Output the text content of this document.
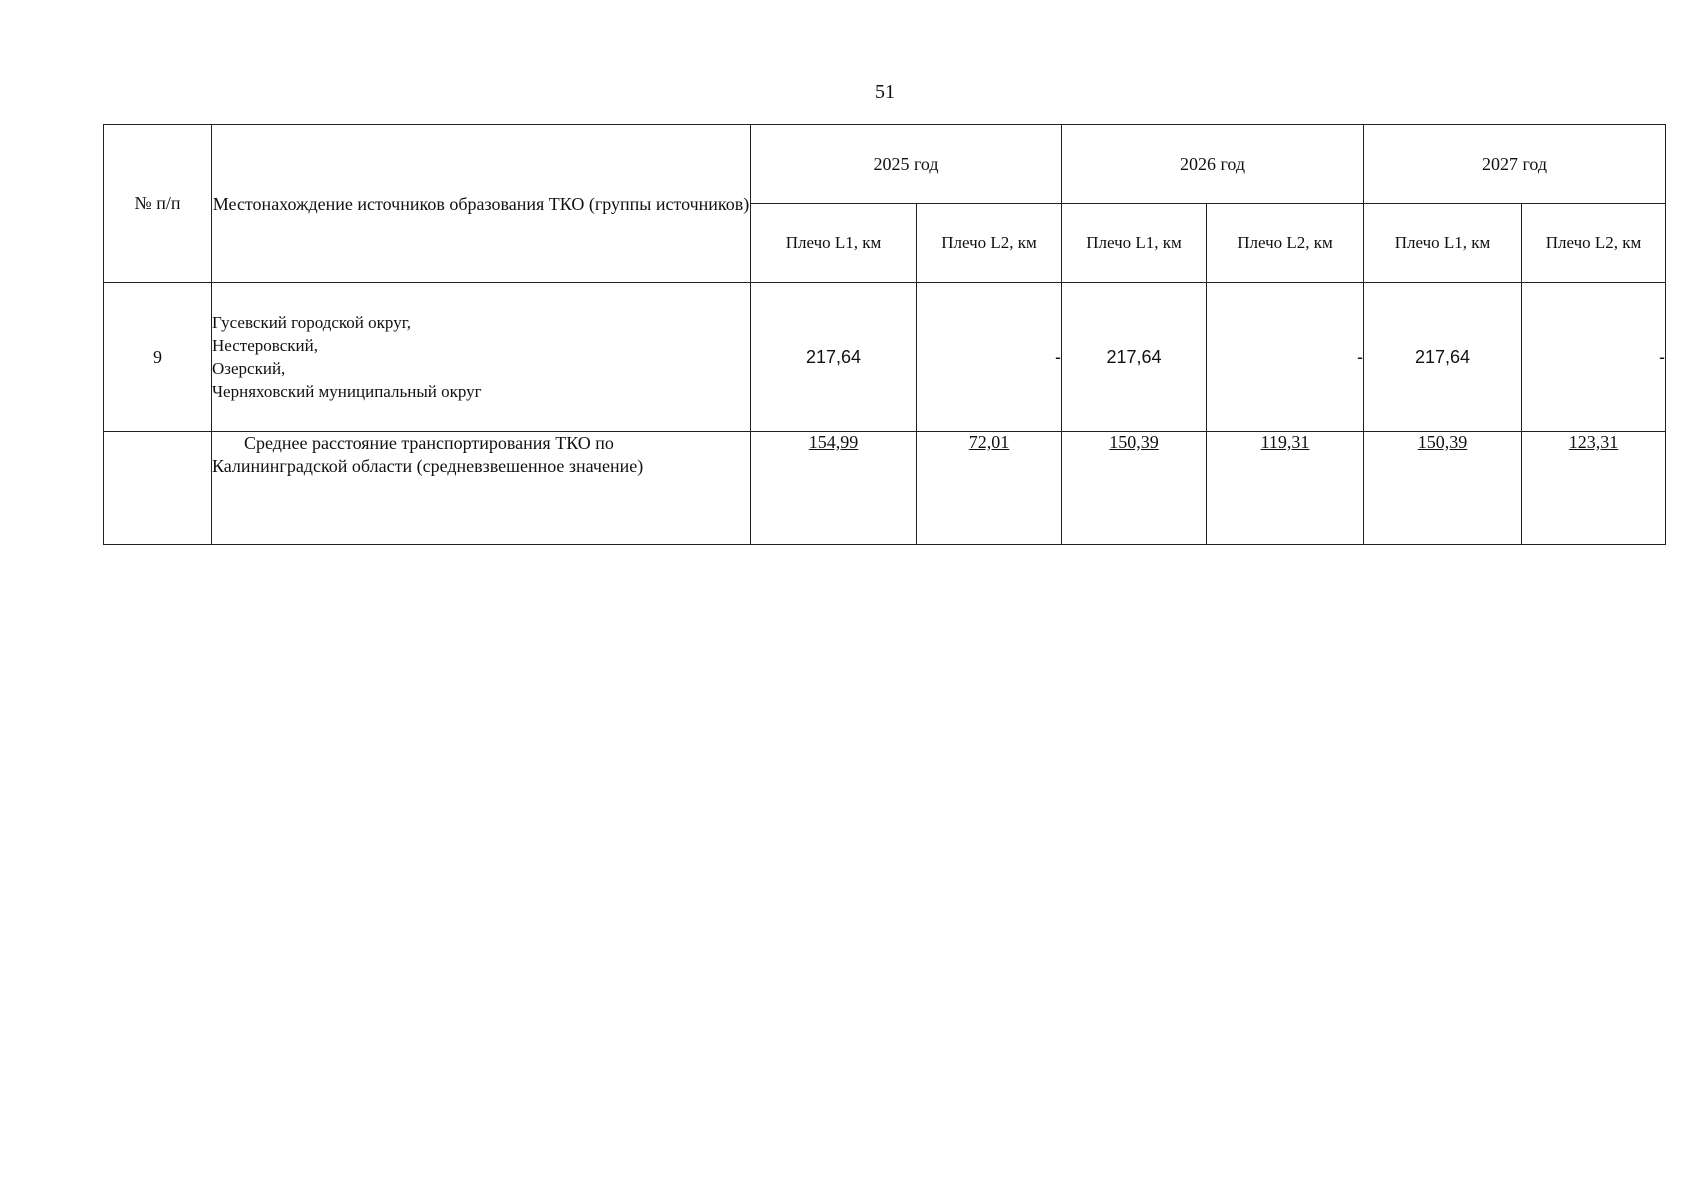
51
№ п/п	Местонахождение источников образования ТКО (группы источников)	2025 год		2026 год		2027 год	
		Плечо L1, км	Плечо L2, км	Плечо L1, км	Плечо L2, км	Плечо L1, км	Плечо L2, км
9	Гусевский городской округ,
Нестеровский,
Озерский,
Черняховский муниципальный округ	217,64	-	217,64	-	217,64	-
	Среднее расстояние транспортирования ТКО по Калининградской области (средневзвешенное значение)	154,99	72,01	150,39	119,31	150,39	123,31
